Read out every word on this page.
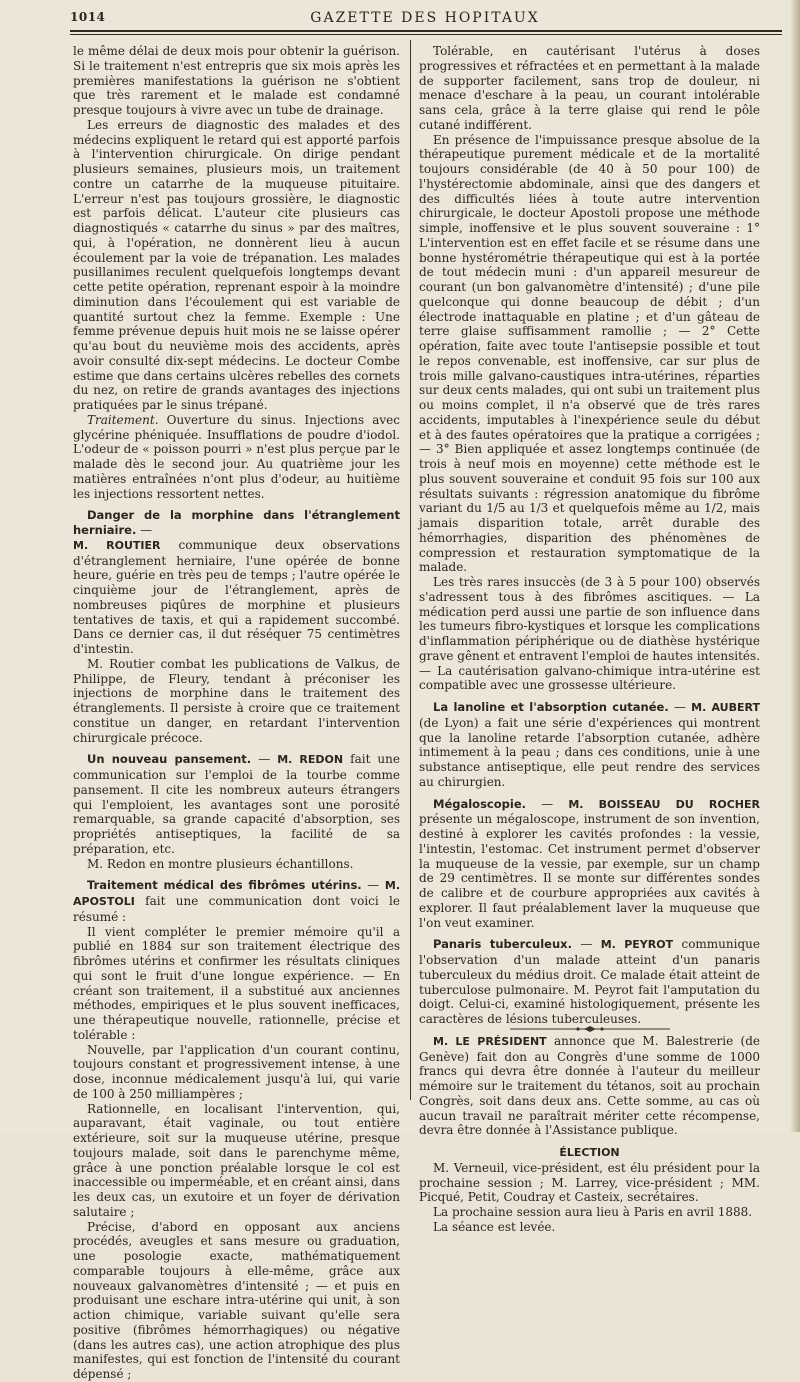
1014	GAZETTE DES HOPITAUX

le même délai de deux mois pour obtenir la guérison. Si le traitement n'est entrepris que six mois après les premières manifestations la guérison ne s'obtient que très rarement et le malade est condamné presque toujours à vivre avec un tube de drainage.

Les erreurs de diagnostic des malades et des médecins expliquent le retard qui est apporté parfois à l'intervention chirurgicale. On dirige pendant plusieurs semaines, plusieurs mois, un traitement contre un catarrhe de la muqueuse pituitaire. L'erreur n'est pas toujours grossière, le diagnostic est parfois délicat. L'auteur cite plusieurs cas diagnostiqués « catarrhe du sinus » par des maîtres, qui, à l'opération, ne donnèrent lieu à aucun écoulement par la voie de trépanation. Les malades pusillanimes reculent quelquefois longtemps devant cette petite opération, reprenant espoir à la moindre diminution dans l'écoulement qui est variable de quantité surtout chez la femme. Exemple : Une femme prévenue depuis huit mois ne se laisse opérer qu'au bout du neuvième mois des accidents, après avoir consulté dix-sept médecins. Le docteur Combe estime que dans certains ulcères rebelles des cornets du nez, on retire de grands avantages des injections pratiquées par le sinus trépané.

Traitement. Ouverture du sinus. Injections avec glycérine phéniquée. Insufflations de poudre d'iodol. L'odeur de « poisson pourri » n'est plus perçue par le malade dès le second jour. Au quatrième jour les matières entraînées n'ont plus d'odeur, au huitième les injections ressortent nettes.

Danger de la morphine dans l'étranglement herniaire. —

M. ROUTIER communique deux observations d'étranglement herniaire, l'une opérée de bonne heure, guérie en très peu de temps ; l'autre opérée le cinquième jour de l'étranglement, après de nombreuses piqûres de morphine et plusieurs tentatives de taxis, et qui a rapidement succombé. Dans ce dernier cas, il dut réséquer 75 centimètres d'intestin.

M. Routier combat les publications de Valkus, de Philippe, de Fleury, tendant à préconiser les injections de morphine dans le traitement des étranglements. Il persiste à croire que ce traitement constitue un danger, en retardant l'intervention chirurgicale précoce.

Un nouveau pansement. — M. REDON fait une communication sur l'emploi de la tourbe comme pansement. Il cite les nombreux auteurs étrangers qui l'emploient, les avantages sont une porosité remarquable, sa grande capacité d'absorption, ses propriétés antiseptiques, la facilité de sa préparation, etc.

M. Redon en montre plusieurs échantillons.

Traitement médical des fibrômes utérins. — M. APOSTOLI fait une communication dont voici le résumé :

Il vient compléter le premier mémoire qu'il a publié en 1884 sur son traitement électrique des fibrômes utérins et confirmer les résultats cliniques qui sont le fruit d'une longue expérience. — En créant son traitement, il a substitué aux anciennes méthodes, empiriques et le plus souvent inefficaces, une thérapeutique nouvelle, rationnelle, précise et tolérable :

Nouvelle, par l'application d'un courant continu, toujours constant et progressivement intense, à une dose, inconnue médicalement jusqu'à lui, qui varie de 100 à 250 milliampères ;

Rationnelle, en localisant l'intervention, qui, auparavant, était vaginale, ou tout entière extérieure, soit sur la muqueuse utérine, presque toujours malade, soit dans le parenchyme même, grâce à une ponction préalable lorsque le col est inaccessible ou imperméable, et en créant ainsi, dans les deux cas, un exutoire et un foyer de dérivation salutaire ;

Précise, d'abord en opposant aux anciens procédés, aveugles et sans mesure ou graduation, une posologie exacte, mathématiquement comparable toujours à elle-même, grâce aux nouveaux galvanomètres d'intensité ; — et puis en produisant une eschare intra-utérine qui unit, à son action chimique, variable suivant qu'elle sera positive (fibrômes hémorrhagiques) ou négative (dans les autres cas), une action atrophique des plus manifestes, qui est fonction de l'intensité du courant dépensé ;

Tolérable, en cautérisant l'utérus à doses progressives et réfractées et en permettant à la malade de supporter facilement, sans trop de douleur, ni menace d'eschare à la peau, un courant intolérable sans cela, grâce à la terre glaise qui rend le pôle cutané indifférent.

En présence de l'impuissance presque absolue de la thérapeutique purement médicale et de la mortalité toujours considérable (de 40 à 50 pour 100) de l'hystérectomie abdominale, ainsi que des dangers et des difficultés liées à toute autre intervention chirurgicale, le docteur Apostoli propose une méthode simple, inoffensive et le plus souvent souveraine : 1° L'intervention est en effet facile et se résume dans une bonne hystérométrie thérapeutique qui est à la portée de tout médecin muni : d'un appareil mesureur de courant (un bon galvanomètre d'intensité) ; d'une pile quelconque qui donne beaucoup de débit ; d'un électrode inattaquable en platine ; et d'un gâteau de terre glaise suffisamment ramollie ; — 2° Cette opération, faite avec toute l'antisepsie possible et tout le repos convenable, est inoffensive, car sur plus de trois mille galvano-caustiques intra-utérines, réparties sur deux cents malades, qui ont subi un traitement plus ou moins complet, il n'a observé que de très rares accidents, imputables à l'inexpérience seule du début et à des fautes opératoires que la pratique a corrigées ; — 3° Bien appliquée et assez longtemps continuée (de trois à neuf mois en moyenne) cette méthode est le plus souvent souveraine et conduit 95 fois sur 100 aux résultats suivants : régression anatomique du fibrôme variant du 1/5 au 1/3 et quelquefois même au 1/2, mais jamais disparition totale, arrêt durable des hémorrhagies, disparition des phénomènes de compression et restauration symptomatique de la malade.

Les très rares insuccès (de 3 à 5 pour 100) observés s'adressent tous à des fibrômes ascitiques. — La médication perd aussi une partie de son influence dans les tumeurs fibro-kystiques et lorsque les complications d'inflammation périphérique ou de diathèse hystérique grave gênent et entravent l'emploi de hautes intensités. — La cautérisation galvano-chimique intra-utérine est compatible avec une grossesse ultérieure.

La lanoline et l'absorption cutanée. — M. AUBERT (de Lyon) a fait une série d'expériences qui montrent que la lanoline retarde l'absorption cutanée, adhère intimement à la peau ; dans ces conditions, unie à une substance antiseptique, elle peut rendre des services au chirurgien.

Mégaloscopie. — M. BOISSEAU DU ROCHER présente un mégaloscope, instrument de son invention, destiné à explorer les cavités profondes : la vessie, l'intestin, l'estomac. Cet instrument permet d'observer la muqueuse de la vessie, par exemple, sur un champ de 29 centimètres. Il se monte sur différentes sondes de calibre et de courbure appropriées aux cavités à explorer. Il faut préalablement laver la muqueuse que l'on veut examiner.

Panaris tuberculeux. — M. PEYROT communique l'observation d'un malade atteint d'un panaris tuberculeux du médius droit. Ce malade était atteint de tuberculose pulmonaire. M. Peyrot fait l'amputation du doigt. Celui-ci, examiné histologiquement, présente les caractères de lésions tuberculeuses.

M. LE PRÉSIDENT annonce que M. Balestrerie (de Genève) fait don au Congrès d'une somme de 1000 francs qui devra être donnée à l'auteur du meilleur mémoire sur le traitement du tétanos, soit au prochain Congrès, soit dans deux ans. Cette somme, au cas où aucun travail ne paraîtrait mériter cette récompense, devra être donnée à l'Assistance publique.

ÉLECTION

M. Verneuil, vice-président, est élu président pour la prochaine session ; M. Larrey, vice-président ; MM. Picqué, Petit, Coudray et Casteix, secrétaires.

La prochaine session aura lieu à Paris en avril 1888.

La séance est levée.
